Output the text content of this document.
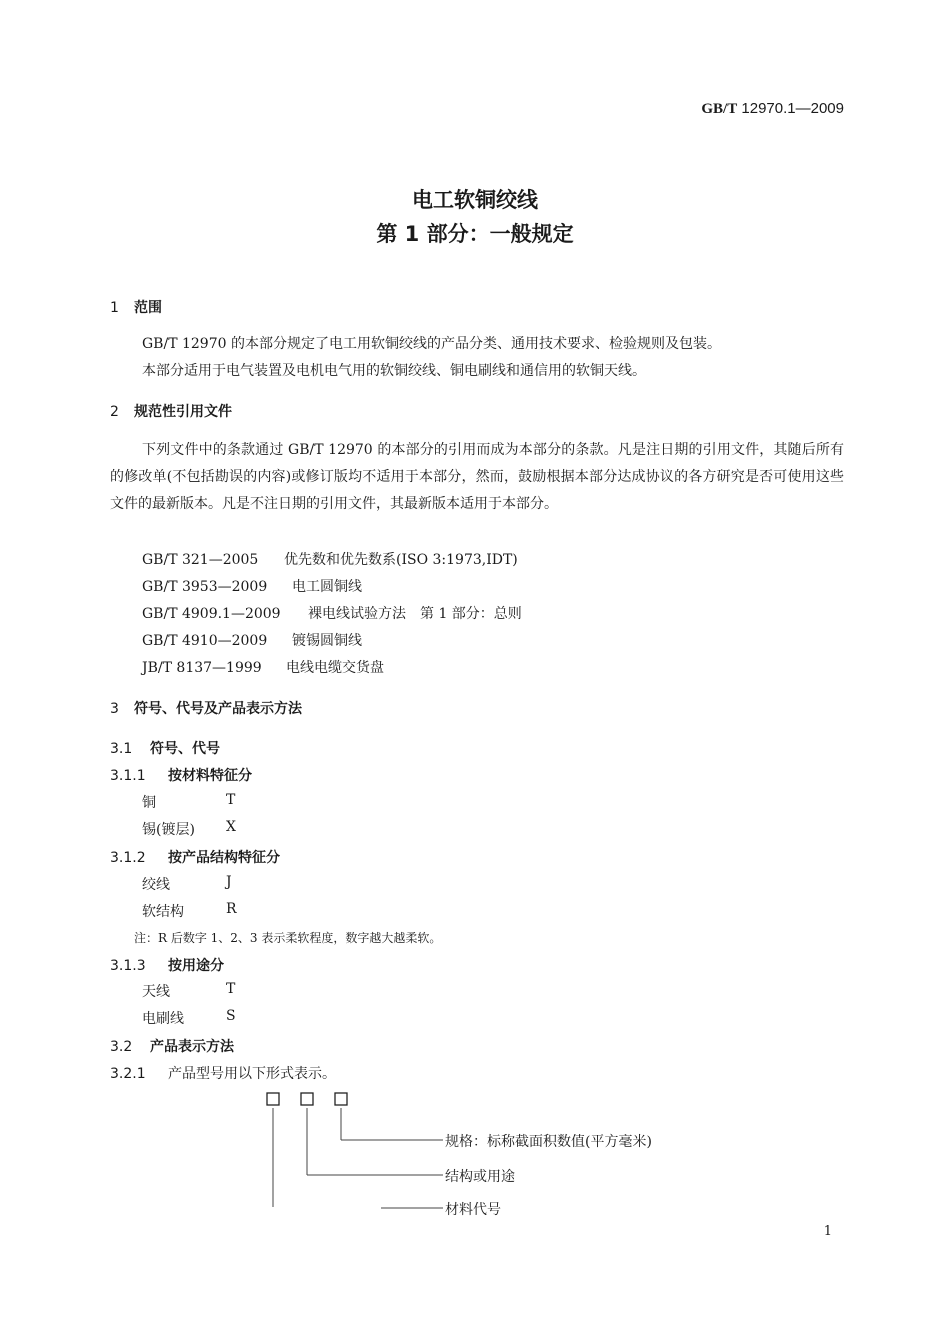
GB/T 12970.1—2009
电工软铜绞线
第 1 部分：一般规定
1 范围
GB/T 12970 的本部分规定了电工用软铜绞线的产品分类、通用技术要求、检验规则及包装。
本部分适用于电气装置及电机电气用的软铜绞线、铜电刷线和通信用的软铜天线。
2 规范性引用文件
下列文件中的条款通过 GB/T 12970 的本部分的引用而成为本部分的条款。凡是注日期的引用文件，其随后所有的修改单(不包括勘误的内容)或修订版均不适用于本部分，然而，鼓励根据本部分达成协议的各方研究是否可使用这些文件的最新版本。凡是不注日期的引用文件，其最新版本适用于本部分。
GB/T 321—2005 优先数和优先数系(ISO 3:1973,IDT)
GB/T 3953—2009 电工圆铜线
GB/T 4909.1—2009 裸电线试验方法　第 1 部分：总则
GB/T 4910—2009 镀锡圆铜线
JB/T 8137—1999 电线电缆交货盘
3 符号、代号及产品表示方法
3.1 符号、代号
3.1.1 按材料特征分
铜	T
锡(镀层) X
3.1.2 按产品结构特征分
绞线	J
软结构	R
注：R 后数字 1、2、3 表示柔软程度，数字越大越柔软。
3.1.3 按用途分
天线	T
电刷线	S
3.2 产品表示方法
3.2.1 产品型号用以下形式表示。
规格：标称截面积数值(平方毫米)
结构或用途
材料代号
1
